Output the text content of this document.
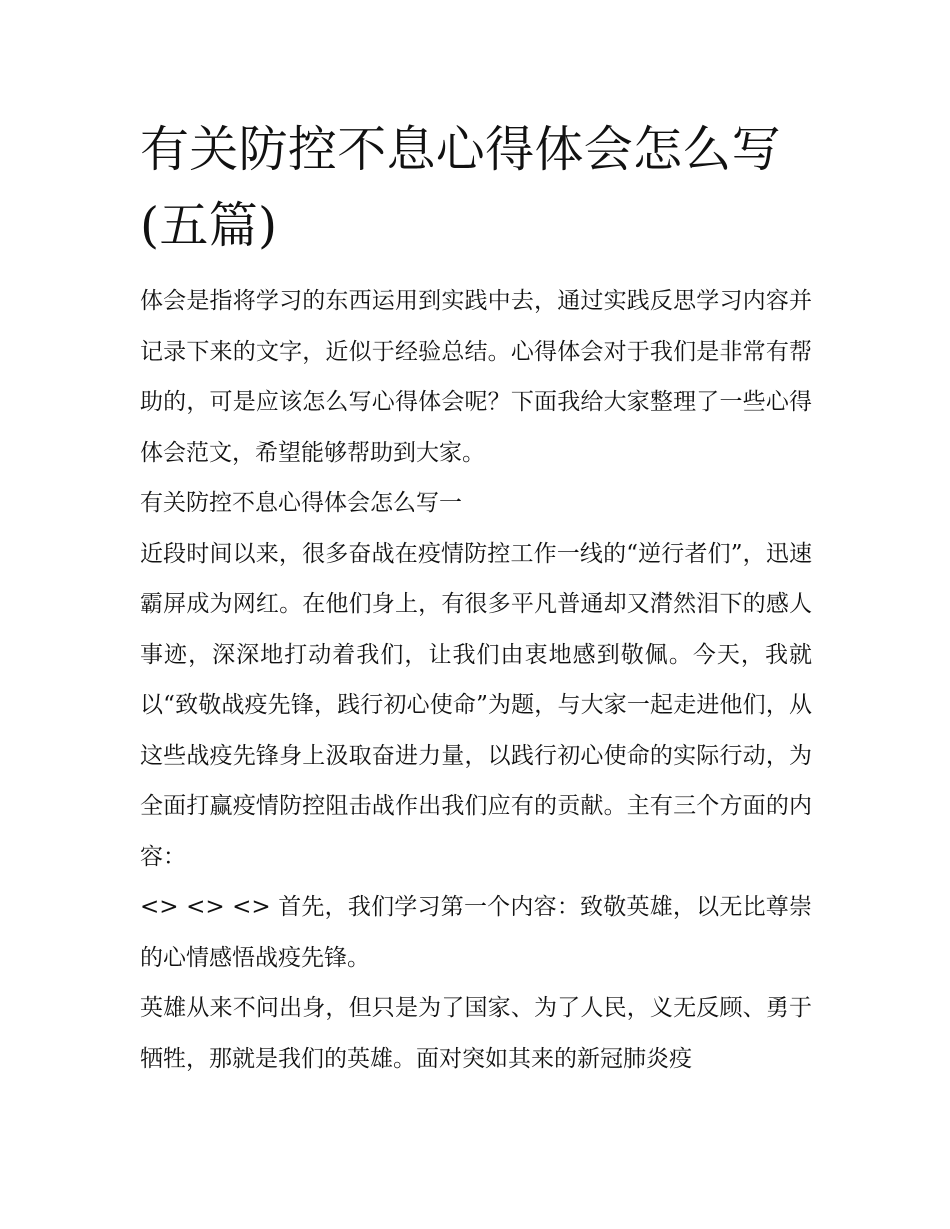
有关防控不息心得体会怎么写(五篇)

体会是指将学习的东西运用到实践中去，通过实践反思学习内容并记录下来的文字，近似于经验总结。心得体会对于我们是非常有帮助的，可是应该怎么写心得体会呢？下面我给大家整理了一些心得体会范文，希望能够帮助到大家。

有关防控不息心得体会怎么写一

近段时间以来，很多奋战在疫情防控工作一线的“逆行者们”，迅速霸屏成为网红。在他们身上，有很多平凡普通却又潸然泪下的感人事迹，深深地打动着我们，让我们由衷地感到敬佩。今天，我就以“致敬战疫先锋，践行初心使命”为题，与大家一起走进他们，从这些战疫先锋身上汲取奋进力量，以践行初心使命的实际行动，为全面打赢疫情防控阻击战作出我们应有的贡献。主有三个方面的内容：

<> <> <> 首先，我们学习第一个内容：致敬英雄，以无比尊崇的心情感悟战疫先锋。

英雄从来不问出身，但只是为了国家、为了人民，义无反顾、勇于牺牲，那就是我们的英雄。面对突如其来的新冠肺炎疫
